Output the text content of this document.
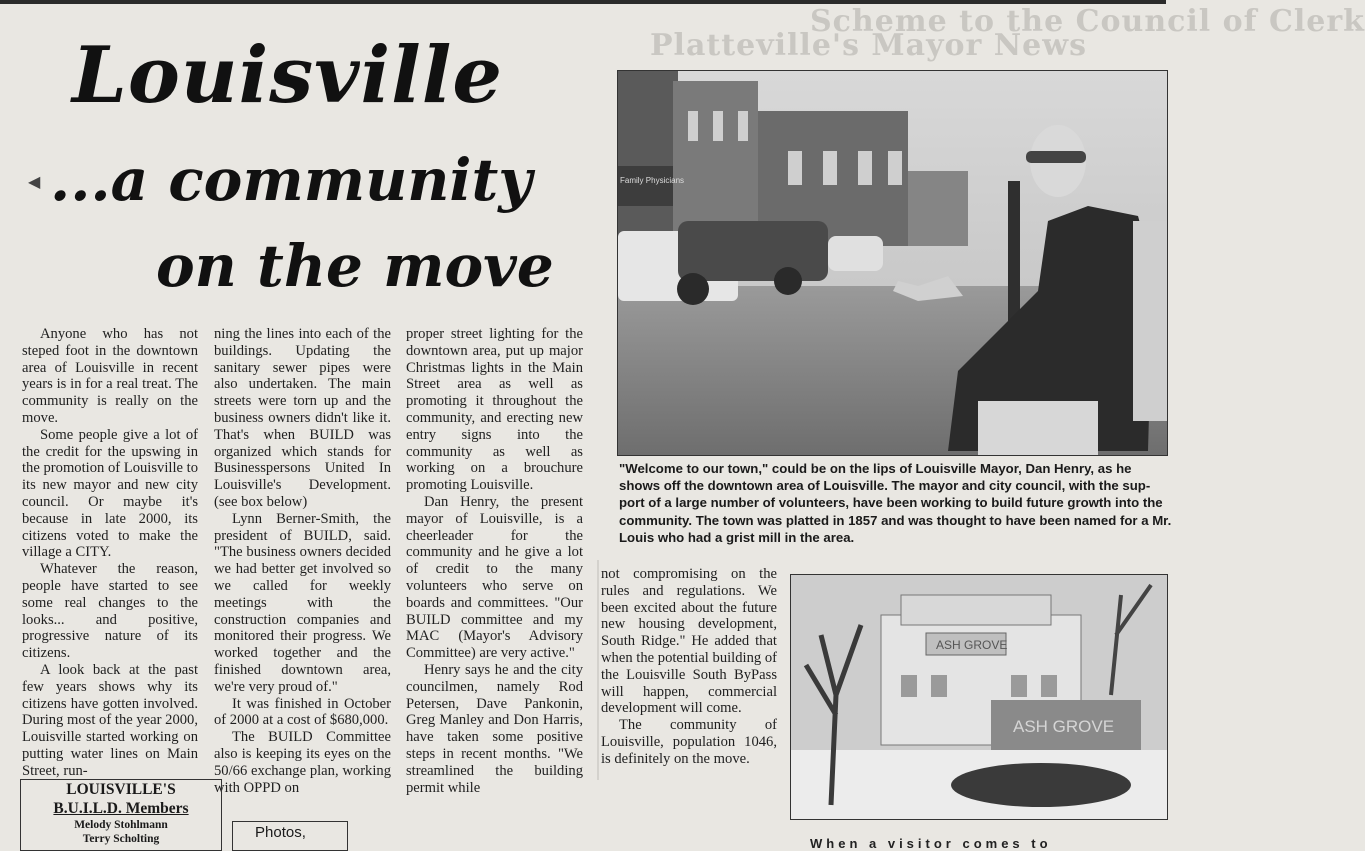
Scheme to the Council of Clerk
Platteville's Mayor News
Louisville
◀ ...a community
on the move

Anyone who has not steped foot in the downtown area of Louisville in recent years is in for a real treat. The community is really on the move.

Some people give a lot of the credit for the upswing in the promotion of Louisville to its new mayor and new city council. Or maybe it's because in late 2000, its citizens voted to make the village a CITY.

Whatever the reason, people have started to see some real changes to the looks... and positive, progressive nature of its citizens.

A look back at the past few years shows why its citizens have gotten involved. During most of the year 2000, Louisville started working on putting water lines on Main Street, run-

ning the lines into each of the buildings. Updating the sanitary sewer pipes were also undertaken. The main streets were torn up and the business owners didn't like it. That's when BUILD was organized which stands for Businesspersons United In Louisville's Development. (see box below)

Lynn Berner-Smith, the president of BUILD, said. "The business owners decided we had better get involved so we called for weekly meetings with the construction companies and monitored their progress. We worked together and the finished downtown area, we're very proud of."

It was finished in October of 2000 at a cost of $680,000.

The BUILD Committee also is keeping its eyes on the 50/66 exchange plan, working with OPPD on

proper street lighting for the downtown area, put up major Christmas lights in the Main Street area as well as promoting it throughout the community, and erecting new entry signs into the community as well as working on a brouchure promoting Louisville.

Dan Henry, the present mayor of Louisville, is a cheerleader for the community and he give a lot of credit to the many volunteers who serve on boards and committees. "Our BUILD committee and my MAC (Mayor's Advisory Committee) are very active."

Henry says he and the city councilmen, namely Rod Petersen, Dave Pankonin, Greg Manley and Don Harris, have taken some positive steps in recent months. "We streamlined the building permit while

not compromising on the rules and regulations. We been excited about the future new housing development, South Ridge." He added that when the potential building of the Louisville South ByPass will happen, commercial development will come.

The community of Louisville, population 1046, is definitely on the move.

Family Physicians
"Welcome to our town," could be on the lips of Louisville Mayor, Dan Henry, as he
shows off the downtown area of Louisville. The mayor and city council, with the sup-
port of a large number of volunteers, have been working to build future growth into the
community. The town was platted in 1857 and was thought to have been named for a Mr.
Louis who had a grist mill in the area.
ASH GROVE
ASH GROVE
LOUISVILLE'S
B.U.I.L.D. Members
Melody Stohlmann
Terry Scholting	Photos,
When a visitor comes to
